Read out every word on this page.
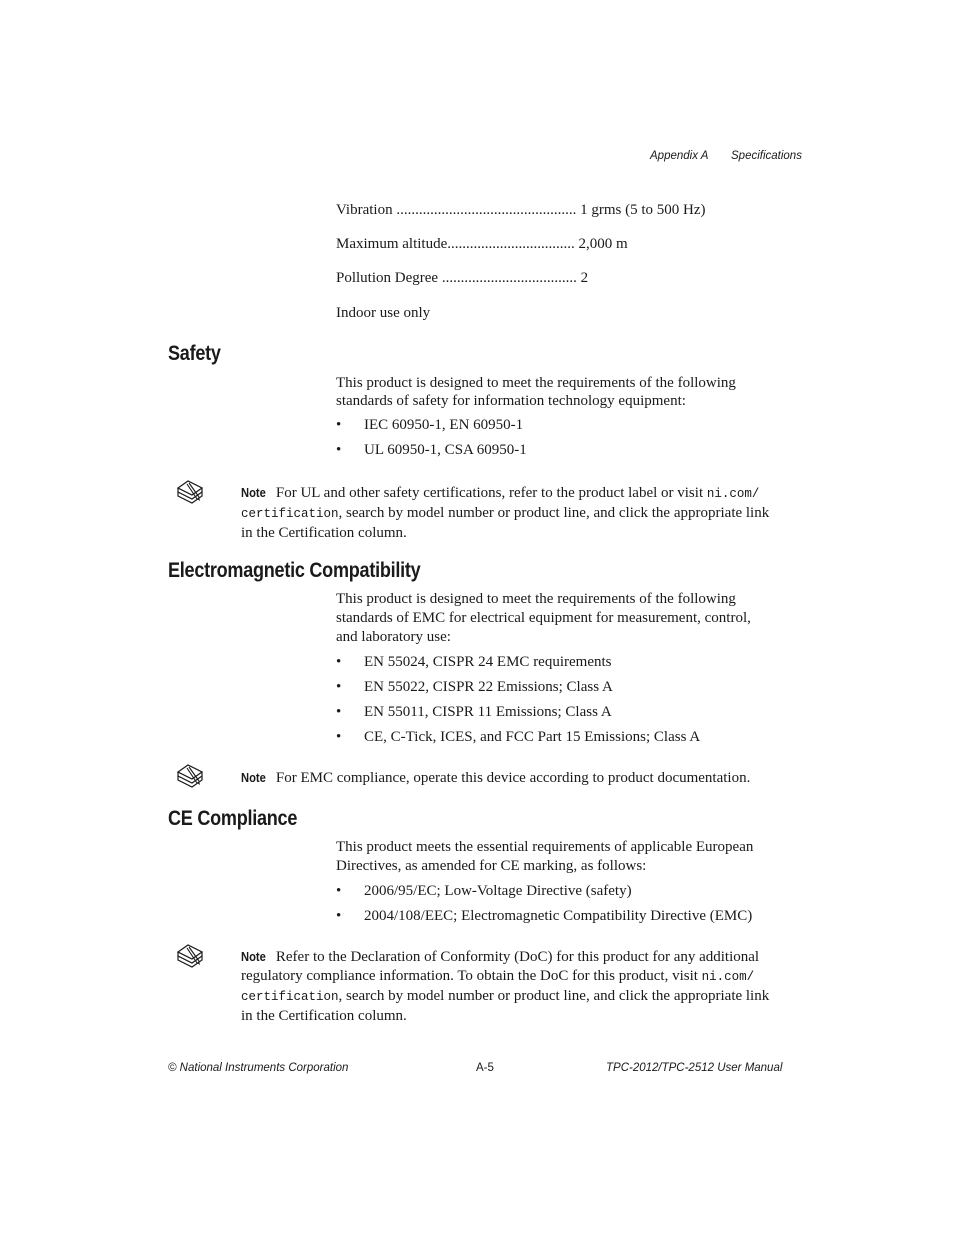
Appendix A Specifications
Vibration ................................................ 1 grms (5 to 500 Hz)
Maximum altitude.................................. 2,000 m
Pollution Degree .................................... 2
Indoor use only
Safety
This product is designed to meet the requirements of the following
standards of safety for information technology equipment:
• IEC 60950-1, EN 60950-1
• UL 60950-1, CSA 60950-1
Note For UL and other safety certifications, refer to the product label or visit ni.com/
certification, search by model number or product line, and click the appropriate link
in the Certification column.
Electromagnetic Compatibility
This product is designed to meet the requirements of the following
standards of EMC for electrical equipment for measurement, control,
and laboratory use:
• EN 55024, CISPR 24 EMC requirements
• EN 55022, CISPR 22 Emissions; Class A
• EN 55011, CISPR 11 Emissions; Class A
• CE, C-Tick, ICES, and FCC Part 15 Emissions; Class A
Note For EMC compliance, operate this device according to product documentation.
CE Compliance
This product meets the essential requirements of applicable European
Directives, as amended for CE marking, as follows:
• 2006/95/EC; Low-Voltage Directive (safety)
• 2004/108/EEC; Electromagnetic Compatibility Directive (EMC)
Note Refer to the Declaration of Conformity (DoC) for this product for any additional
regulatory compliance information. To obtain the DoC for this product, visit ni.com/
certification, search by model number or product line, and click the appropriate link
in the Certification column.
© National Instruments Corporation	A-5	TPC-2012/TPC-2512 User Manual
